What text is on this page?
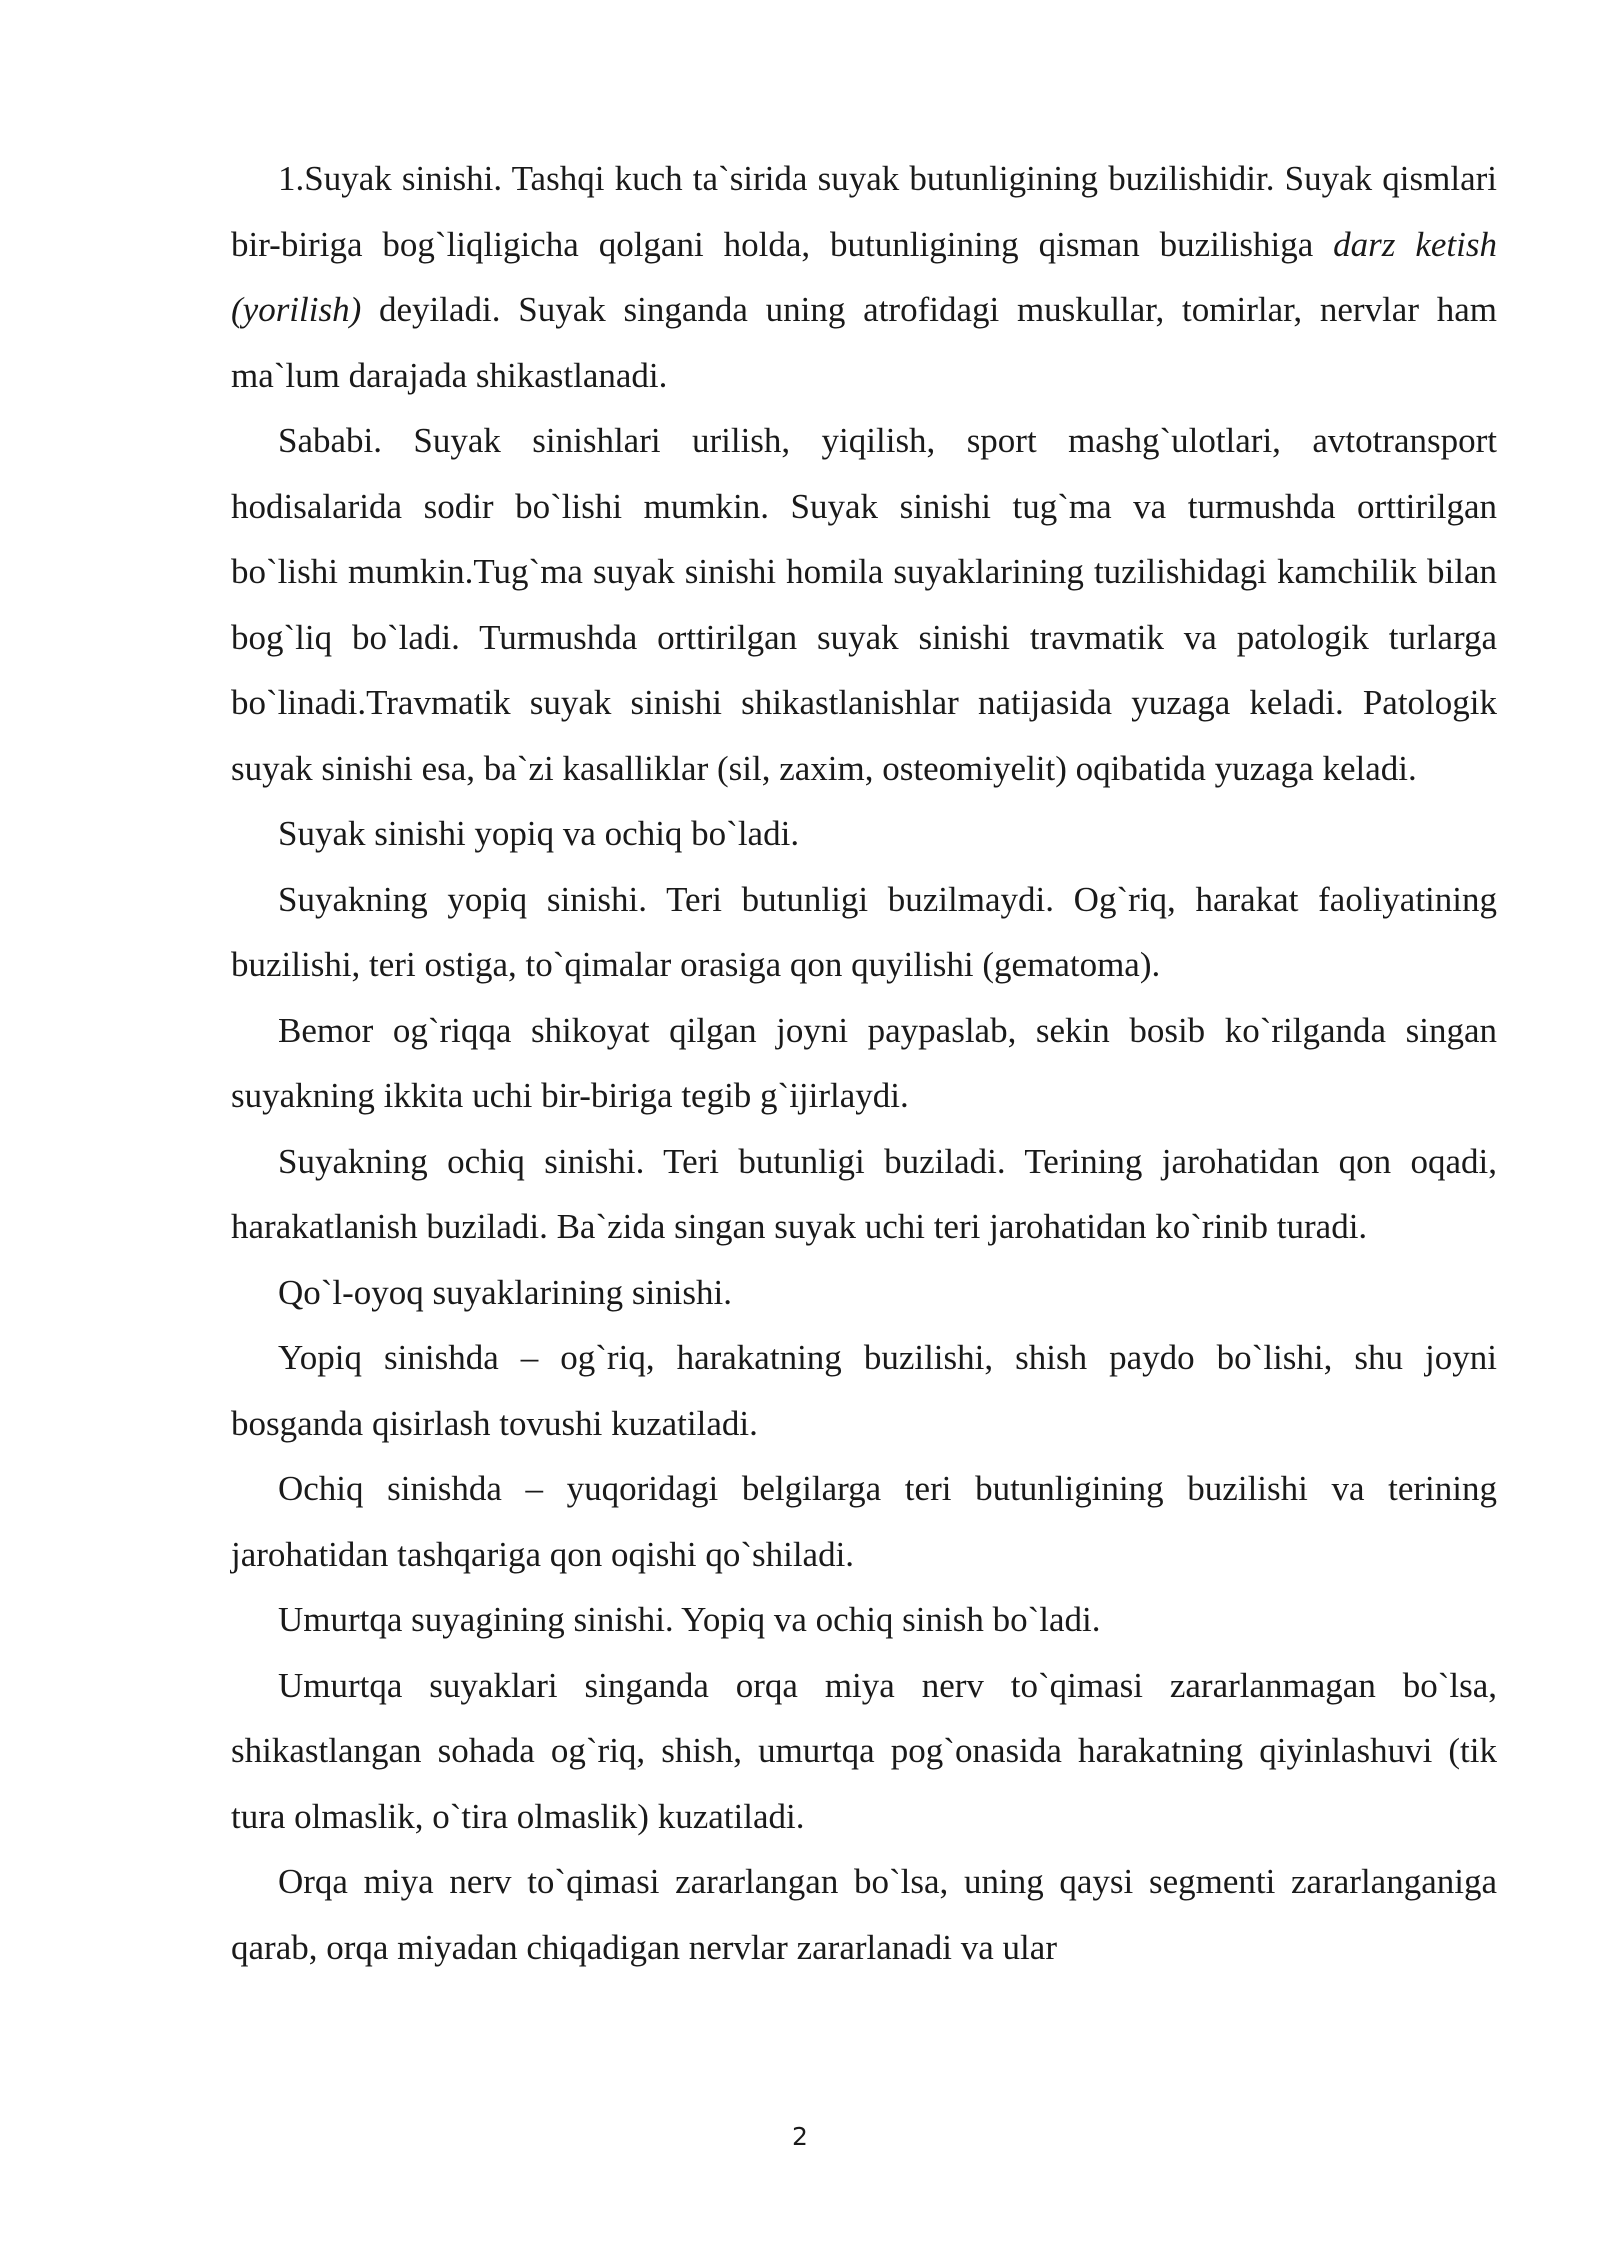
1.Suyak sinishi. Tashqi kuch ta`sirida suyak butunligining buzilishidir. Suyak qismlari bir-biriga bog`liqligicha qolgani holda, butunligining qisman buzilishiga darz ketish (yorilish) deyiladi. Suyak singanda uning atrofidagi muskullar, tomirlar, nervlar ham ma`lum darajada shikastlanadi.

Sababi. Suyak sinishlari urilish, yiqilish, sport mashg`ulotlari, avtotransport hodisalarida sodir bo`lishi mumkin. Suyak sinishi tug`ma va turmushda orttirilgan bo`lishi mumkin.Tug`ma suyak sinishi homila suyaklarining tuzilishidagi kamchilik bilan bog`liq bo`ladi. Turmushda orttirilgan suyak sinishi travmatik va patologik turlarga bo`linadi.Travmatik suyak sinishi shikastlanishlar natijasida yuzaga keladi. Patologik suyak sinishi esa, ba`zi kasalliklar (sil, zaxim, osteomiyelit) oqibatida yuzaga keladi.

Suyak sinishi yopiq va ochiq bo`ladi.

Suyakning yopiq sinishi. Teri butunligi buzilmaydi. Og`riq, harakat faoliyatining buzilishi, teri ostiga, to`qimalar orasiga qon quyilishi (gematoma).

Bemor og`riqqa shikoyat qilgan joyni paypaslab, sekin bosib ko`rilganda singan suyakning ikkita uchi bir-biriga tegib g`ijirlaydi.

Suyakning ochiq sinishi. Teri butunligi buziladi. Terining jarohatidan qon oqadi, harakatlanish buziladi. Ba`zida singan suyak uchi teri jarohatidan ko`rinib turadi.

Qo`l-oyoq suyaklarining sinishi.

Yopiq sinishda – og`riq, harakatning buzilishi, shish paydo bo`lishi, shu joyni bosganda qisirlash tovushi kuzatiladi.

Ochiq sinishda – yuqoridagi belgilarga teri butunligining buzilishi va terining jarohatidan tashqariga qon oqishi qo`shiladi.

Umurtqa suyagining sinishi. Yopiq va ochiq sinish bo`ladi.

Umurtqa suyaklari singanda orqa miya nerv to`qimasi zararlanmagan bo`lsa, shikastlangan sohada og`riq, shish, umurtqa pog`onasida harakatning qiyinlashuvi (tik tura olmaslik, o`tira olmaslik) kuzatiladi.

Orqa miya nerv to`qimasi zararlangan bo`lsa, uning qaysi segmenti zararlanganiga qarab, orqa miyadan chiqadigan nervlar zararlanadi va ular

2
